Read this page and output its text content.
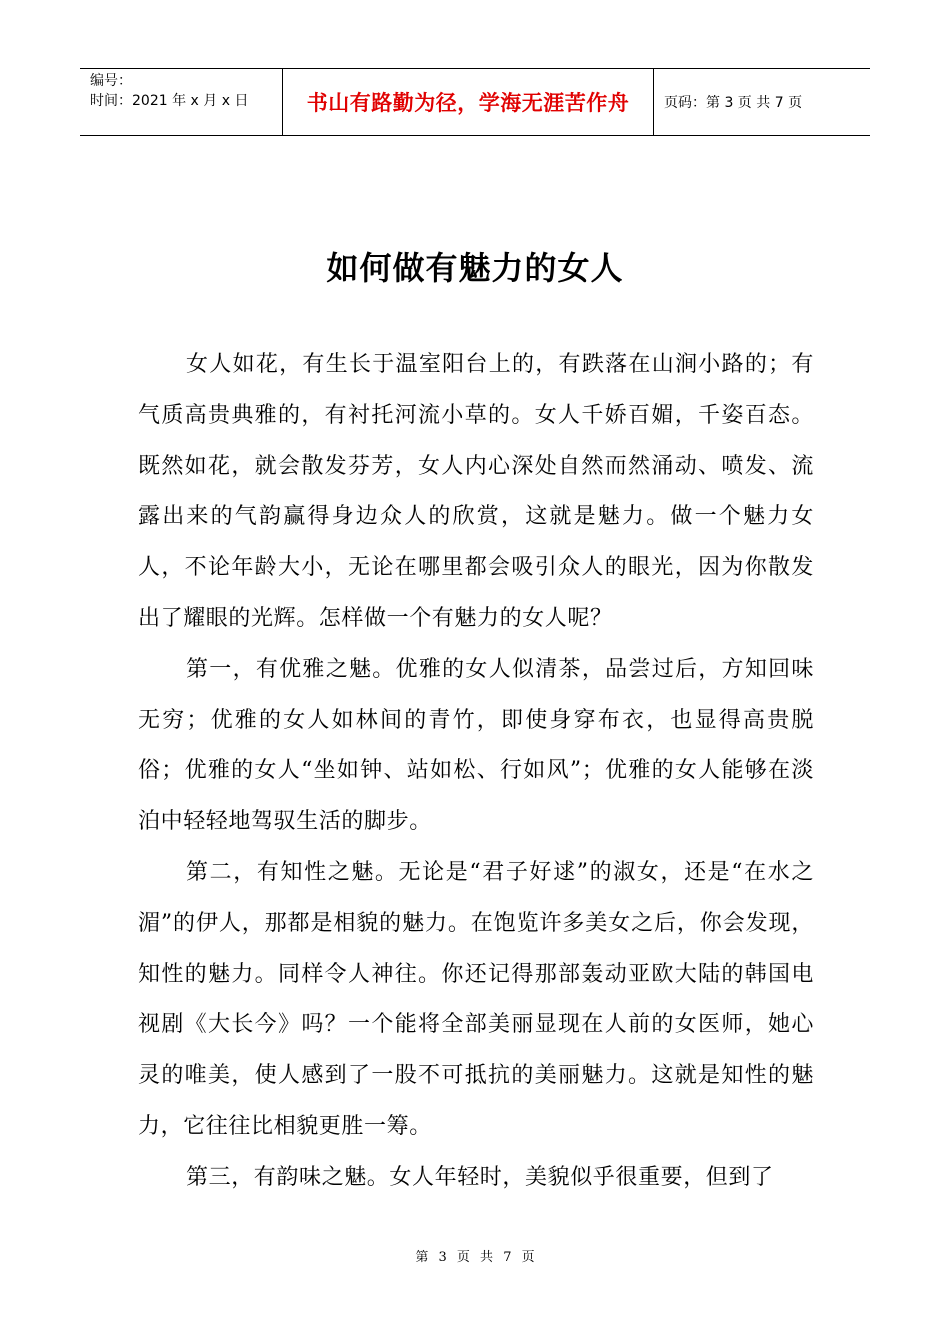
编号：
时间：2021 年 x 月 x 日	书山有路勤为径，学海无涯苦作舟	页码：第 3 页 共 7 页
如何做有魅力的女人

女人如花，有生长于温室阳台上的，有跌落在山涧小路的；有气质高贵典雅的，有衬托河流小草的。女人千娇百媚，千姿百态。既然如花，就会散发芬芳，女人内心深处自然而然涌动、喷发、流露出来的气韵赢得身边众人的欣赏，这就是魅力。做一个魅力女人，不论年龄大小，无论在哪里都会吸引众人的眼光，因为你散发出了耀眼的光辉。怎样做一个有魅力的女人呢？

第一，有优雅之魅。优雅的女人似清茶，品尝过后，方知回味无穷；优雅的女人如林间的青竹，即使身穿布衣，也显得高贵脱俗；优雅的女人“坐如钟、站如松、行如风”；优雅的女人能够在淡泊中轻轻地驾驭生活的脚步。

第二，有知性之魅。无论是“君子好逑”的淑女，还是“在水之湄”的伊人，那都是相貌的魅力。在饱览许多美女之后，你会发现，知性的魅力。同样令人神往。你还记得那部轰动亚欧大陆的韩国电视剧《大长今》吗？一个能将全部美丽显现在人前的女医师，她心灵的唯美，使人感到了一股不可抵抗的美丽魅力。这就是知性的魅力，它往往比相貌更胜一筹。

第三，有韵味之魅。女人年轻时，美貌似乎很重要，但到了

第 3 页 共 7 页
